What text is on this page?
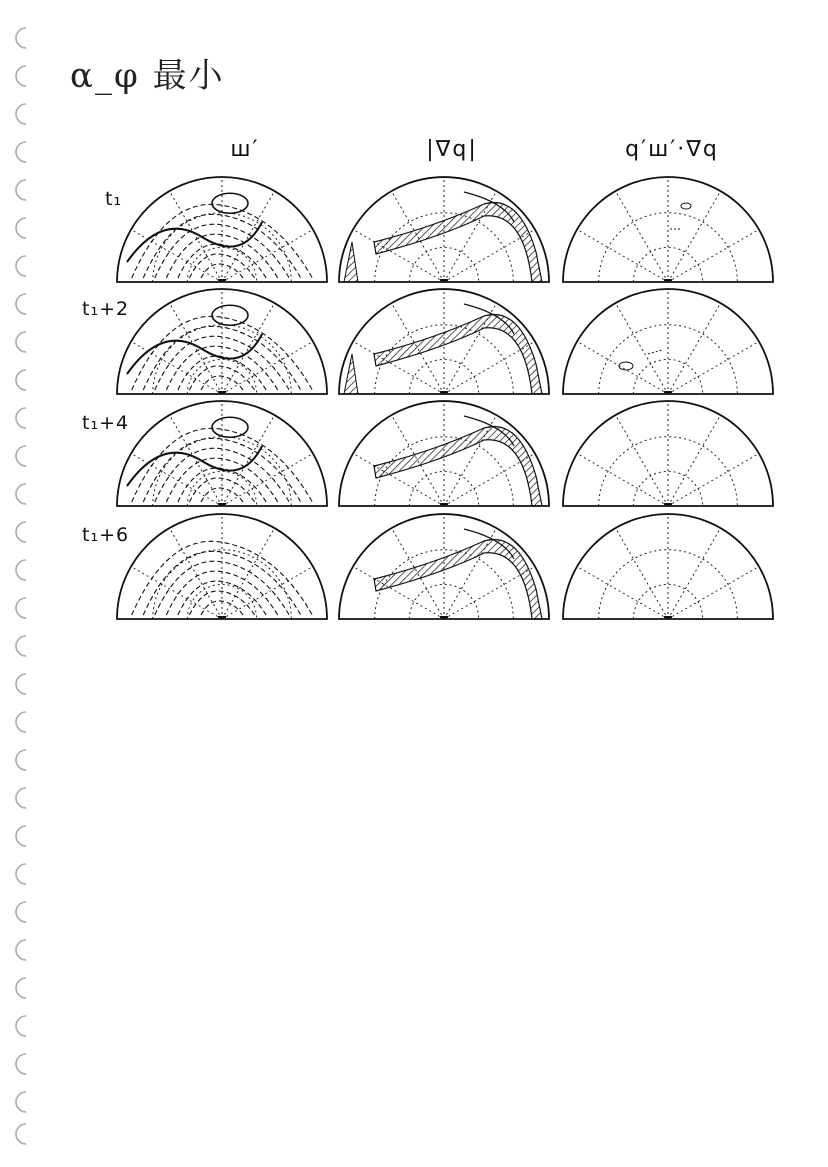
α_φ 最小
ш′	|∇q|	q′ш′·∇q
t₁
t₁+2
t₁+4
t₁+6
